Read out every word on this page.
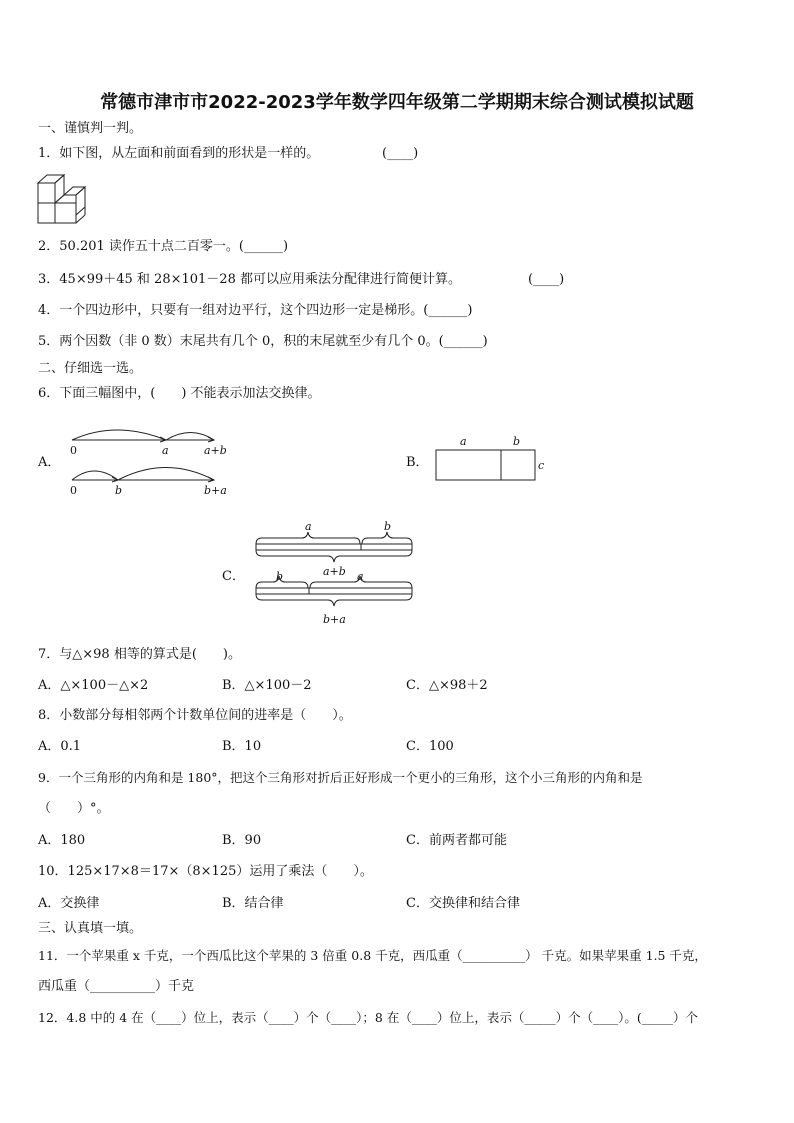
常德市津市市2022-2023学年数学四年级第二学期期末综合测试模拟试题
一、谨慎判一判。
1．如下图，从左面和前面看到的形状是一样的。	(____)
2．50.201 读作五十点二百零一。(______)
3．45×99＋45 和 28×101－28 都可以应用乘法分配律进行简便计算。	(____)
4．一个四边形中，只要有一组对边平行，这个四边形一定是梯形。(______)
5．两个因数（非 0 数）末尾共有几个 0，积的末尾就至少有几个 0。(______)
二、仔细选一选。
6．下面三幅图中，(　　) 不能表示加法交换律。
A．
0	a	a+b
0	b	b+a
B．
a	b
c
C．
a	b
a+b
b	a
b+a
7．与△×98 相等的算式是(　　)。
A．△×100－△×2	B．△×100－2	C．△×98＋2
8．小数部分每相邻两个计数单位间的进率是（　　）。
A．0.1	B．10	C．100
9．一个三角形的内角和是 180°，把这个三角形对折后正好形成一个更小的三角形，这个小三角形的内角和是
（　　）°。
A．180	B．90	C．前两者都可能
10．125×17×8＝17×（8×125）运用了乘法（　　）。
A．交换律	B．结合律	C．交换律和结合律
三、认真填一填。
11．一个苹果重 x 千克，一个西瓜比这个苹果的 3 倍重 0.8 千克，西瓜重（__________） 千克。如果苹果重 1.5 千克，
西瓜重（__________）千克
12．4.8 中的 4 在（____）位上，表示（____）个（____）；8 在（____）位上，表示（_____）个（____）。(_____）个
